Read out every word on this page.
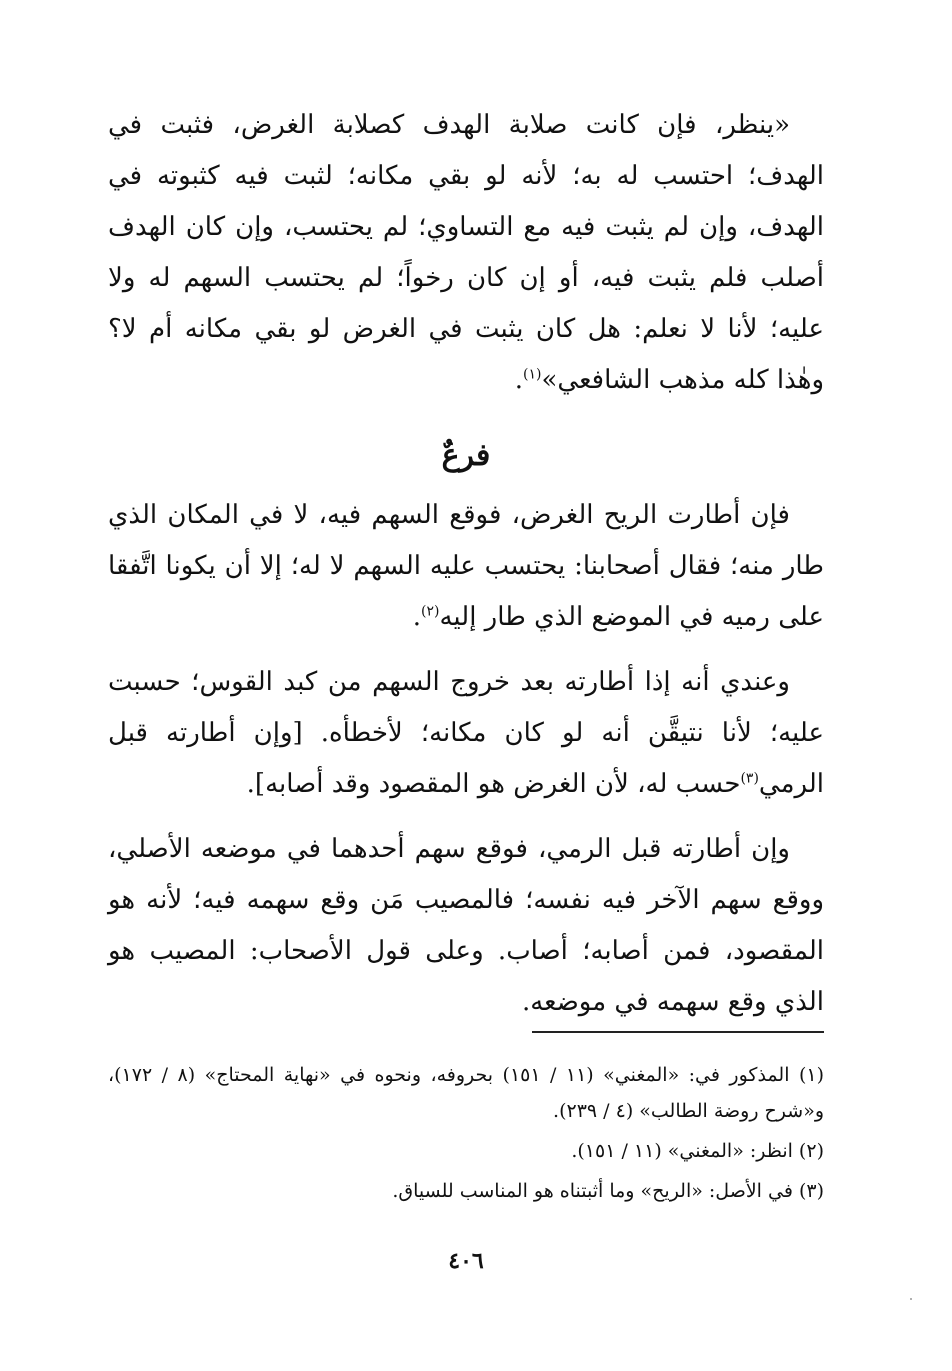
«ينظر، فإن كانت صلابة الهدف كصلابة الغرض، فثبت في الهدف؛ احتسب له به؛ لأنه لو بقي مكانه؛ لثبت فيه كثبوته في الهدف، وإن لم يثبت فيه مع التساوي؛ لم يحتسب، وإن كان الهدف أصلب فلم يثبت فيه، أو إن كان رخواً؛ لم يحتسب السهم له ولا عليه؛ لأنا لا نعلم: هل كان يثبت في الغرض لو بقي مكانه أم لا؟ وهٰذا كله مذهب الشافعي»$^{(١)}$.

فرعٌ

فإن أطارت الريح الغرض، فوقع السهم فيه، لا في المكان الذي طار منه؛ فقال أصحابنا: يحتسب عليه السهم لا له؛ إلا أن يكونا اتَّفقا على رميه في الموضع الذي طار إليه$^{(٢)}$.

وعندي أنه إذا أطارته بعد خروج السهم من كبد القوس؛ حسبت عليه؛ لأنا نتيقَّن أنه لو كان مكانه؛ لأخطأه. [وإن أطارته قبل الرمي$^{(٣)}$حسب له، لأن الغرض هو المقصود وقد أصابه].

وإن أطارته قبل الرمي، فوقع سهم أحدهما في موضعه الأصلي، ووقع سهم الآخر فيه نفسه؛ فالمصيب مَن وقع سهمه فيه؛ لأنه هو المقصود، فمن أصابه؛ أصاب. وعلى قول الأصحاب: المصيب هو الذي وقع سهمه في موضعه.

(١) المذكور في: «المغني» (١١ / ١٥١) بحروفه، ونحوه في «نهاية المحتاج» (٨ / ١٧٢)، و«شرح روضة الطالب» (٤ / ٢٣٩).

(٢) انظر: «المغني» (١١ / ١٥١).

(٣) في الأصل: «الريح» وما أثبتناه هو المناسب للسياق.

٤٠٦
